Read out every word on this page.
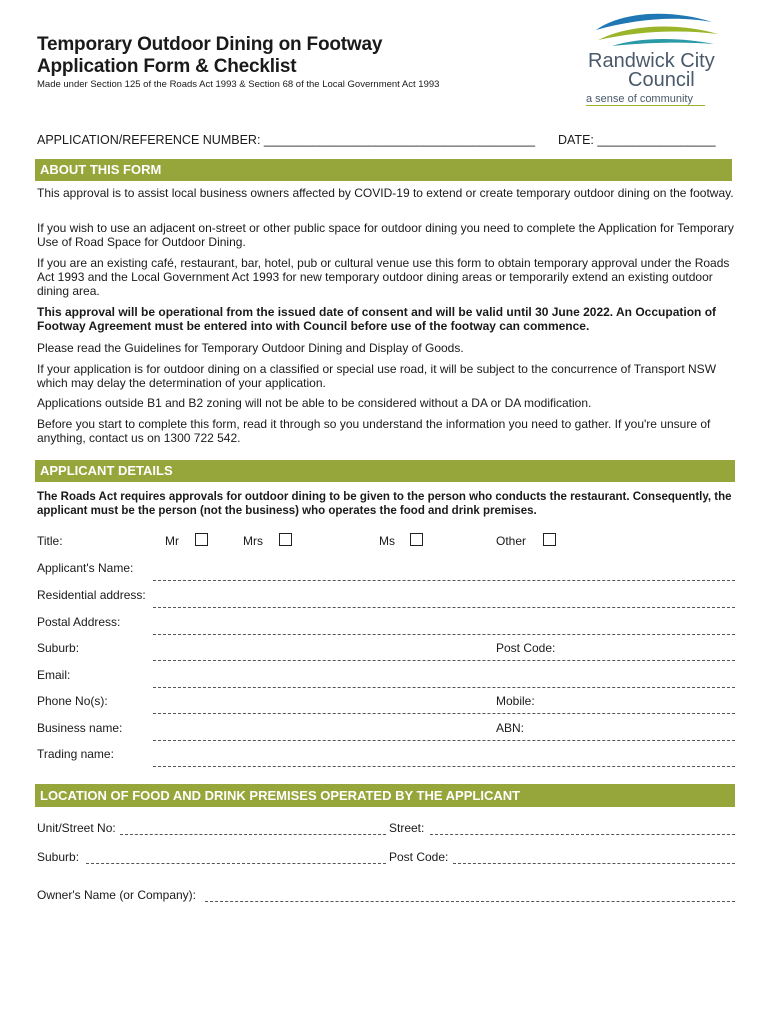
Temporary Outdoor Dining on Footway
Application Form & Checklist
Made under Section 125 of the Roads Act 1993 & Section 68 of the Local Government Act 1993
Randwick City
Council
a sense of community
APPLICATION/REFERENCE NUMBER: _______________________________________ DATE: _________________
ABOUT THIS FORM
This approval is to assist local business owners affected by COVID-19 to extend or create temporary outdoor dining on the footway.
If you wish to use an adjacent on-street or other public space for outdoor dining you need to complete the Application for Temporary Use of Road Space for Outdoor Dining.
If you are an existing café, restaurant, bar, hotel, pub or cultural venue use this form to obtain temporary approval under the Roads Act 1993 and the Local Government Act 1993 for new temporary outdoor dining areas or temporarily extend an existing outdoor dining area.
This approval will be operational from the issued date of consent and will be valid until 30 June 2022. An Occupation of Footway Agreement must be entered into with Council before use of the footway can commence.
Please read the Guidelines for Temporary Outdoor Dining and Display of Goods.
If your application is for outdoor dining on a classified or special use road, it will be subject to the concurrence of Transport NSW which may delay the determination of your application.
Applications outside B1 and B2 zoning will not be able to be considered without a DA or DA modification.
Before you start to complete this form, read it through so you understand the information you need to gather. If you're unsure of anything, contact us on 1300 722 542.
APPLICANT DETAILS
The Roads Act requires approvals for outdoor dining to be given to the person who conducts the restaurant. Consequently, the applicant must be the person (not the business) who operates the food and drink premises.
Title:	Mr	Mrs	Ms	Other
Applicant's Name:
Residential address:
Postal Address:
Suburb:	Post Code:
Email:
Phone No(s):	Mobile:
Business name:	ABN:
Trading name:
LOCATION OF FOOD AND DRINK PREMISES OPERATED BY THE APPLICANT
Unit/Street No:	Street:
Suburb:	Post Code:
Owner's Name (or Company):
